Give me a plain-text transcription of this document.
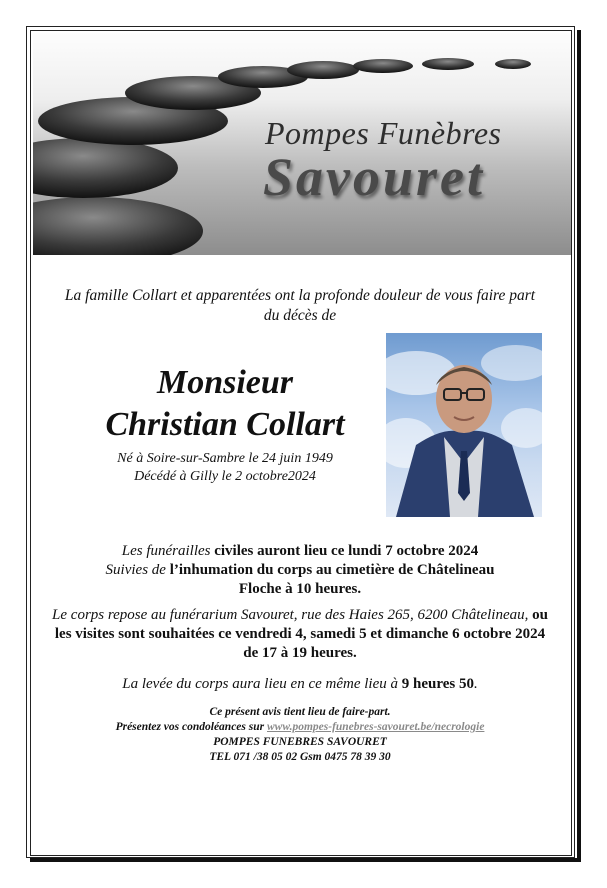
Pompes Funèbres
Savouret
La famille Collart et apparentées ont la profonde douleur de vous faire part du décès de
Monsieur
Christian Collart
Né à Soire-sur-Sambre le 24 juin 1949
Décédé à Gilly le 2 octobre2024
Les funérailles civiles auront lieu ce lundi 7 octobre 2024
Suivies de l’inhumation du corps au cimetière de Châtelineau
Floche à 10 heures.
Le corps repose au funérarium Savouret, rue des Haies 265, 6200 Châtelineau, ou les visites sont souhaitées ce vendredi 4, samedi 5 et dimanche 6 octobre 2024 de 17 à 19 heures.
La levée du corps aura lieu en ce même lieu à 9 heures 50.
Ce présent avis tient lieu de faire-part.
Présentez vos condoléances sur www.pompes-funebres-savouret.be/necrologie
POMPES FUNEBRES SAVOURET
TEL 071 /38 05 02 Gsm 0475 78 39 30
